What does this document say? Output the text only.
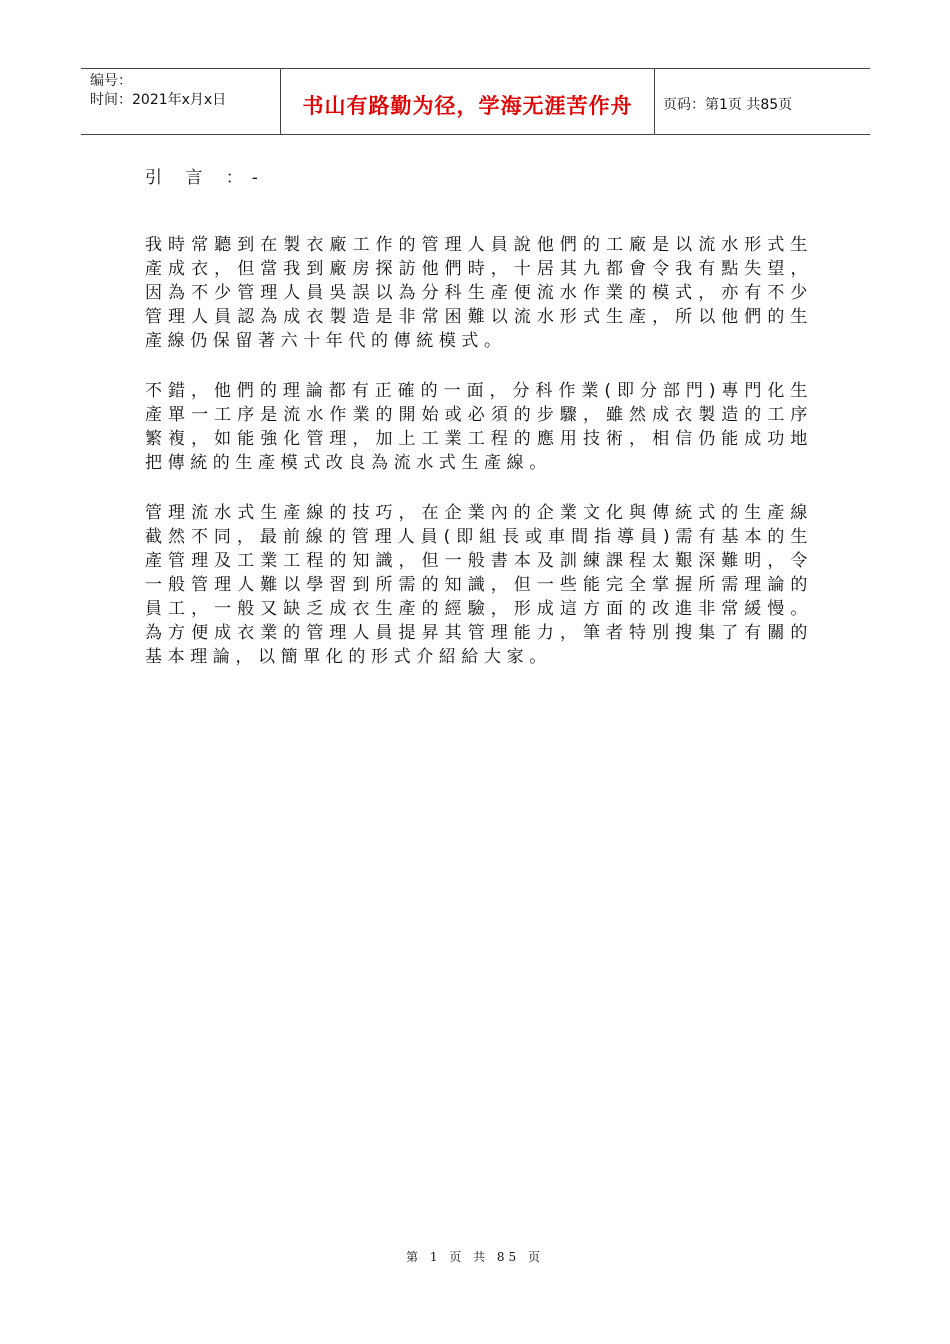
编号：
时间：2021年x月x日	书山有路勤为径，学海无涯苦作舟 页码：第1页 共85页
引 言 ：-

我時常聽到在製衣廠工作的管理人員說他們的工廠是以流水形式生產成衣，但當我到廠房探訪他們時，十居其九都會令我有點失望，因為不少管理人員吳誤以為分科生產便流水作業的模式，亦有不少管理人員認為成衣製造是非常困難以流水形式生產，所以他們的生產線仍保留著六十年代的傳統模式。

不錯，他們的理論都有正確的一面，分科作業(即分部門)專門化生產單一工序是流水作業的開始或必須的步驟，雖然成衣製造的工序繁複，如能強化管理，加上工業工程的應用技術，相信仍能成功地把傳統的生產模式改良為流水式生產線。

管理流水式生產線的技巧，在企業內的企業文化與傳統式的生產線截然不同，最前線的管理人員(即組長或車間指導員)需有基本的生產管理及工業工程的知識，但一般書本及訓練課程太艱深難明，令一般管理人難以學習到所需的知識，但一些能完全掌握所需理論的員工，一般又缺乏成衣生產的經驗，形成這方面的改進非常緩慢。為方便成衣業的管理人員提昇其管理能力，筆者特別搜集了有關的基本理論，以簡單化的形式介紹給大家。

第 1 页 共 85 页
